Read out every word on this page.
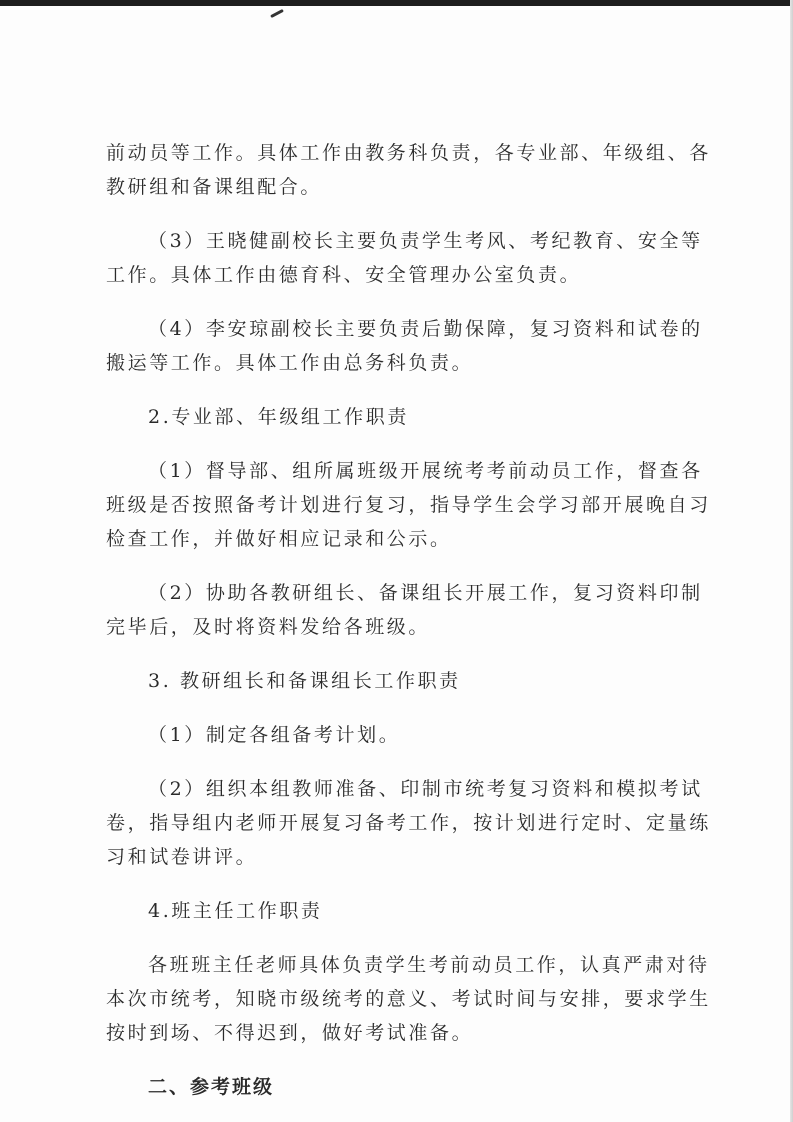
前动员等工作。具体工作由教务科负责，各专业部、年级组、各
教研组和备课组配合。
（3）王晓健副校长主要负责学生考风、考纪教育、安全等
工作。具体工作由德育科、安全管理办公室负责。
（4）李安琼副校长主要负责后勤保障，复习资料和试卷的
搬运等工作。具体工作由总务科负责。
2.专业部、年级组工作职责
（1）督导部、组所属班级开展统考考前动员工作，督查各
班级是否按照备考计划进行复习，指导学生会学习部开展晚自习
检查工作，并做好相应记录和公示。
（2）协助各教研组长、备课组长开展工作，复习资料印制
完毕后，及时将资料发给各班级。
3. 教研组长和备课组长工作职责
（1）制定各组备考计划。
（2）组织本组教师准备、印制市统考复习资料和模拟考试
卷，指导组内老师开展复习备考工作，按计划进行定时、定量练
习和试卷讲评。
4.班主任工作职责
各班班主任老师具体负责学生考前动员工作，认真严肃对待
本次市统考，知晓市级统考的意义、考试时间与安排，要求学生
按时到场、不得迟到，做好考试准备。
二、参考班级
